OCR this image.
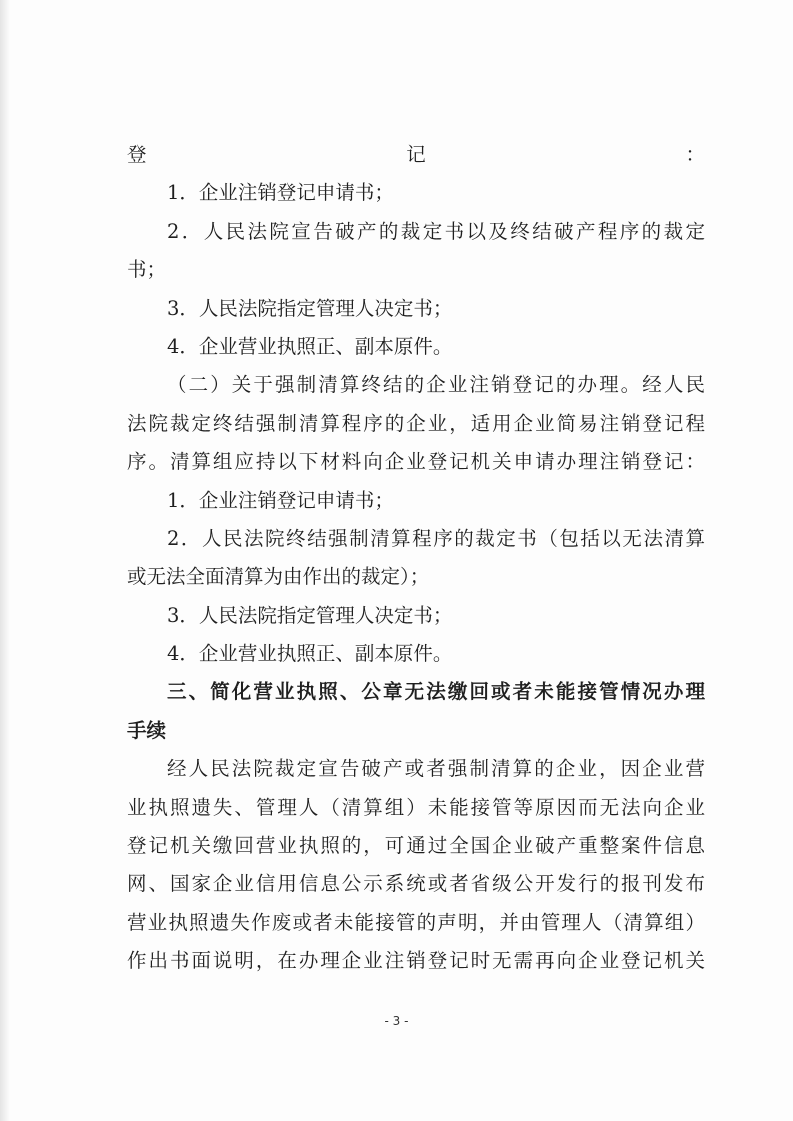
登记：
1．企业注销登记申请书；
2．人民法院宣告破产的裁定书以及终结破产程序的裁定
书；
3．人民法院指定管理人决定书；
4．企业营业执照正、副本原件。
（二）关于强制清算终结的企业注销登记的办理。经人民
法院裁定终结强制清算程序的企业，适用企业简易注销登记程
序。清算组应持以下材料向企业登记机关申请办理注销登记：
1．企业注销登记申请书；
2．人民法院终结强制清算程序的裁定书（包括以无法清算
或无法全面清算为由作出的裁定）；
3．人民法院指定管理人决定书；
4．企业营业执照正、副本原件。
三、简化营业执照、公章无法缴回或者未能接管情况办理
手续
经人民法院裁定宣告破产或者强制清算的企业，因企业营
业执照遗失、管理人（清算组）未能接管等原因而无法向企业
登记机关缴回营业执照的，可通过全国企业破产重整案件信息
网、国家企业信用信息公示系统或者省级公开发行的报刊发布
营业执照遗失作废或者未能接管的声明，并由管理人（清算组）
作出书面说明，在办理企业注销登记时无需再向企业登记机关
- 3 -
